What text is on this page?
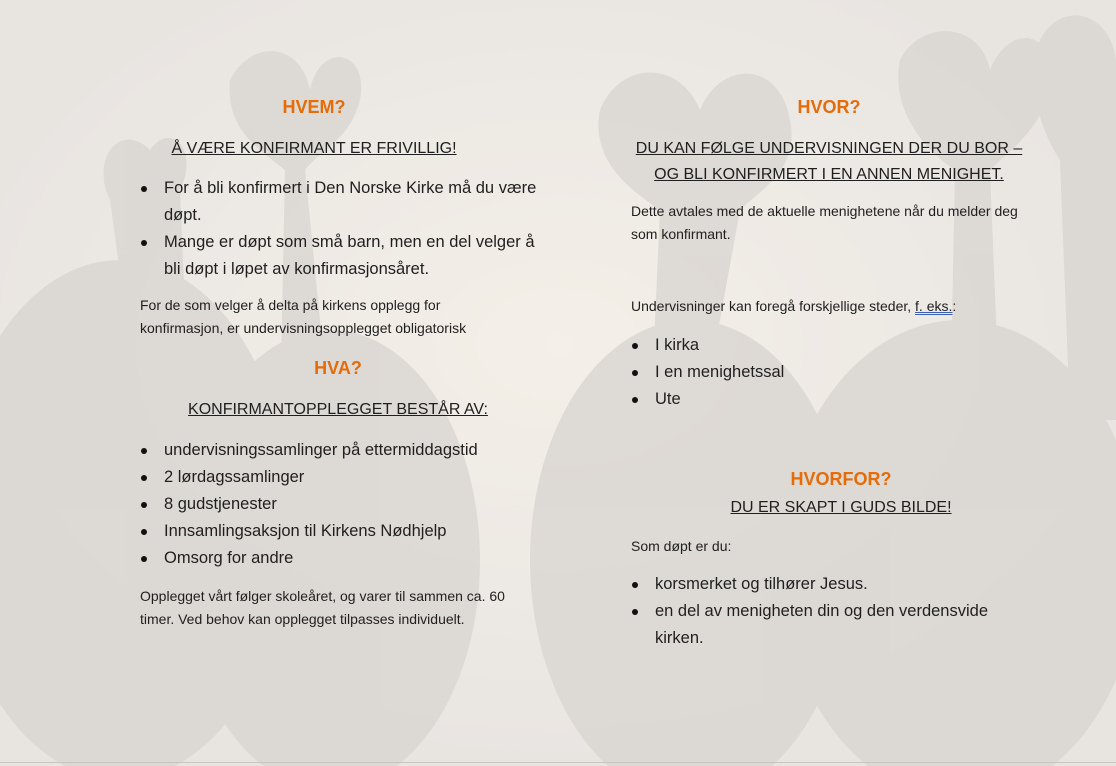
HVEM?
Å VÆRE KONFIRMANT ER FRIVILLIG!
For å bli konfirmert i Den Norske Kirke må du være døpt.
Mange er døpt som små barn, men en del velger å bli døpt i løpet av konfirmasjonsåret.
For de som velger å delta på kirkens opplegg for konfirmasjon, er undervisningsopplegget obligatorisk
HVA?
KONFIRMANTOPPLEGGET BESTÅR AV:
undervisningssamlinger på ettermiddagstid
2 lørdagssamlinger
8 gudstjenester
Innsamlingsaksjon til Kirkens Nødhjelp
Omsorg for andre
Opplegget vårt følger skoleåret, og varer til sammen ca. 60 timer. Ved behov kan opplegget tilpasses individuelt.
HVOR?
DU KAN FØLGE UNDERVISNINGEN DER DU BOR –
OG BLI KONFIRMERT I EN ANNEN MENIGHET.
Dette avtales med de aktuelle menighetene når du melder deg som konfirmant.
Undervisninger kan foregå forskjellige steder, f. eks.:
I kirka
I en menighetssal
Ute
HVORFOR?
DU ER SKAPT I GUDS BILDE!
Som døpt er du:
korsmerket og tilhører Jesus.
en del av menigheten din og den verdensvide kirken.
